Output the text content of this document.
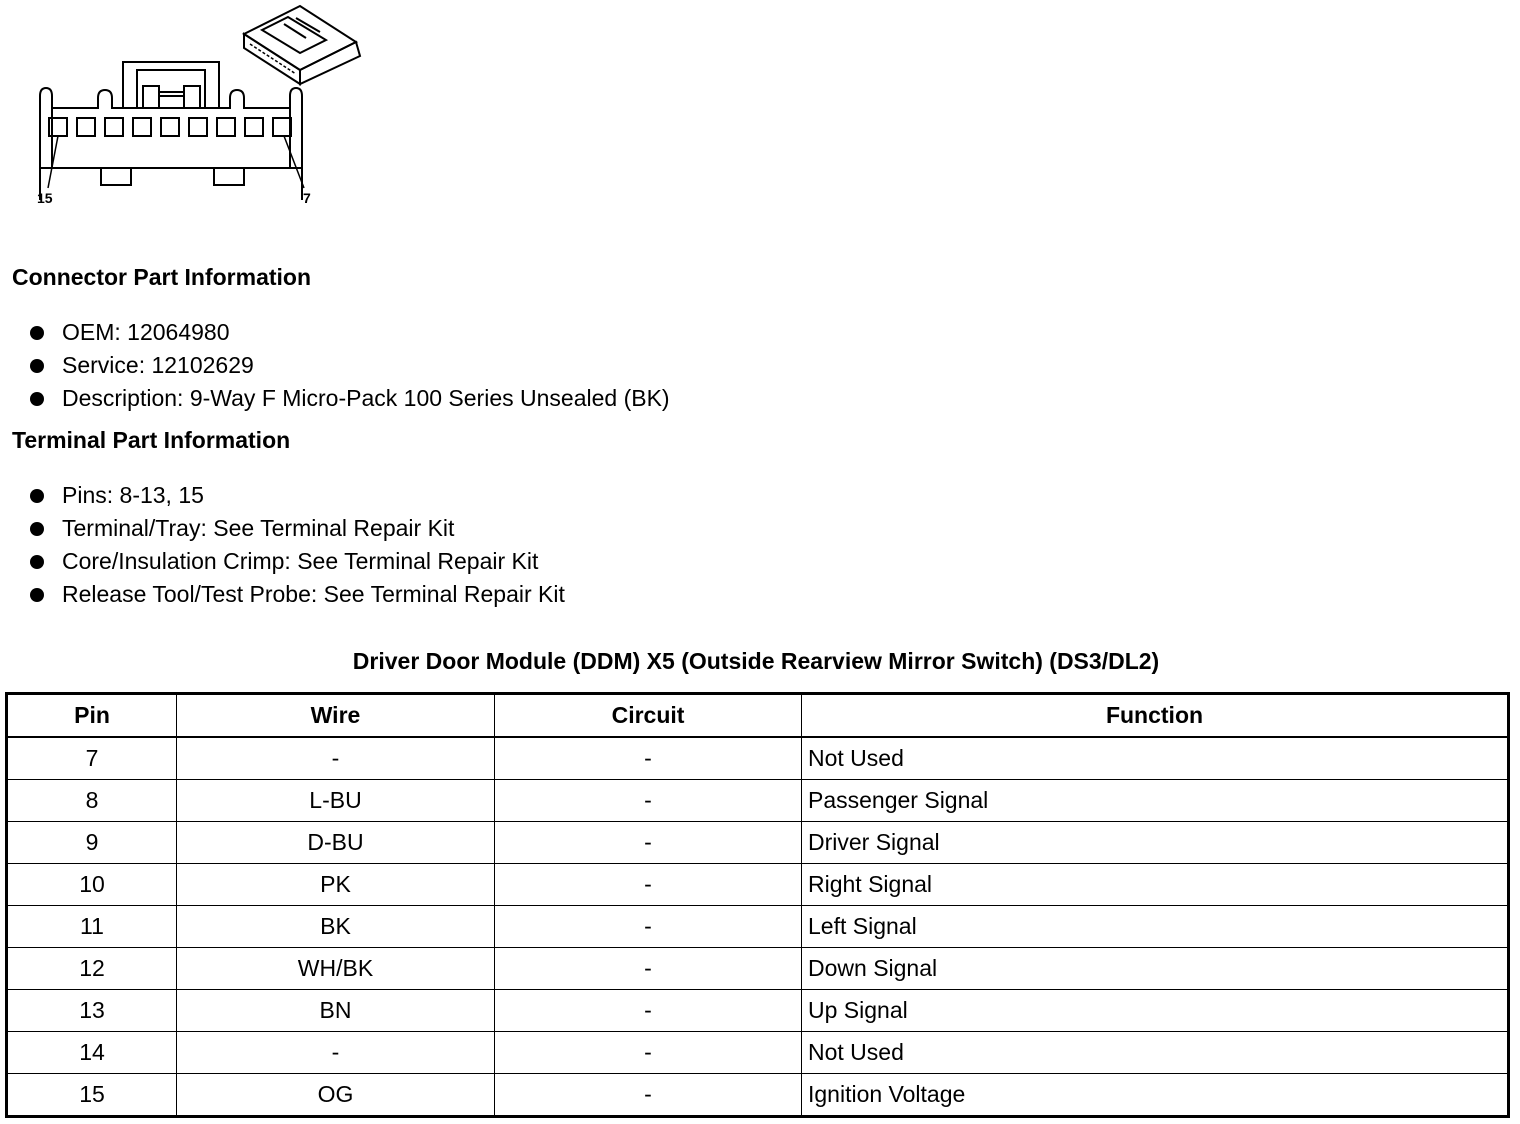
15	7
Connector Part Information
OEM: 12064980
Service: 12102629
Description: 9-Way F Micro-Pack 100 Series Unsealed (BK)
Terminal Part Information
Pins: 8-13, 15
Terminal/Tray: See Terminal Repair Kit
Core/Insulation Crimp: See Terminal Repair Kit
Release Tool/Test Probe: See Terminal Repair Kit
Driver Door Module (DDM) X5 (Outside Rearview Mirror Switch) (DS3/DL2)
Pin	Wire	Circuit	Function
7	-	-	Not Used
8	L-BU	-	Passenger Signal
9	D-BU	-	Driver Signal
10	PK	-	Right Signal
11	BK	-	Left Signal
12	WH/BK	-	Down Signal
13	BN	-	Up Signal
14	-	-	Not Used
15	OG	-	Ignition Voltage
